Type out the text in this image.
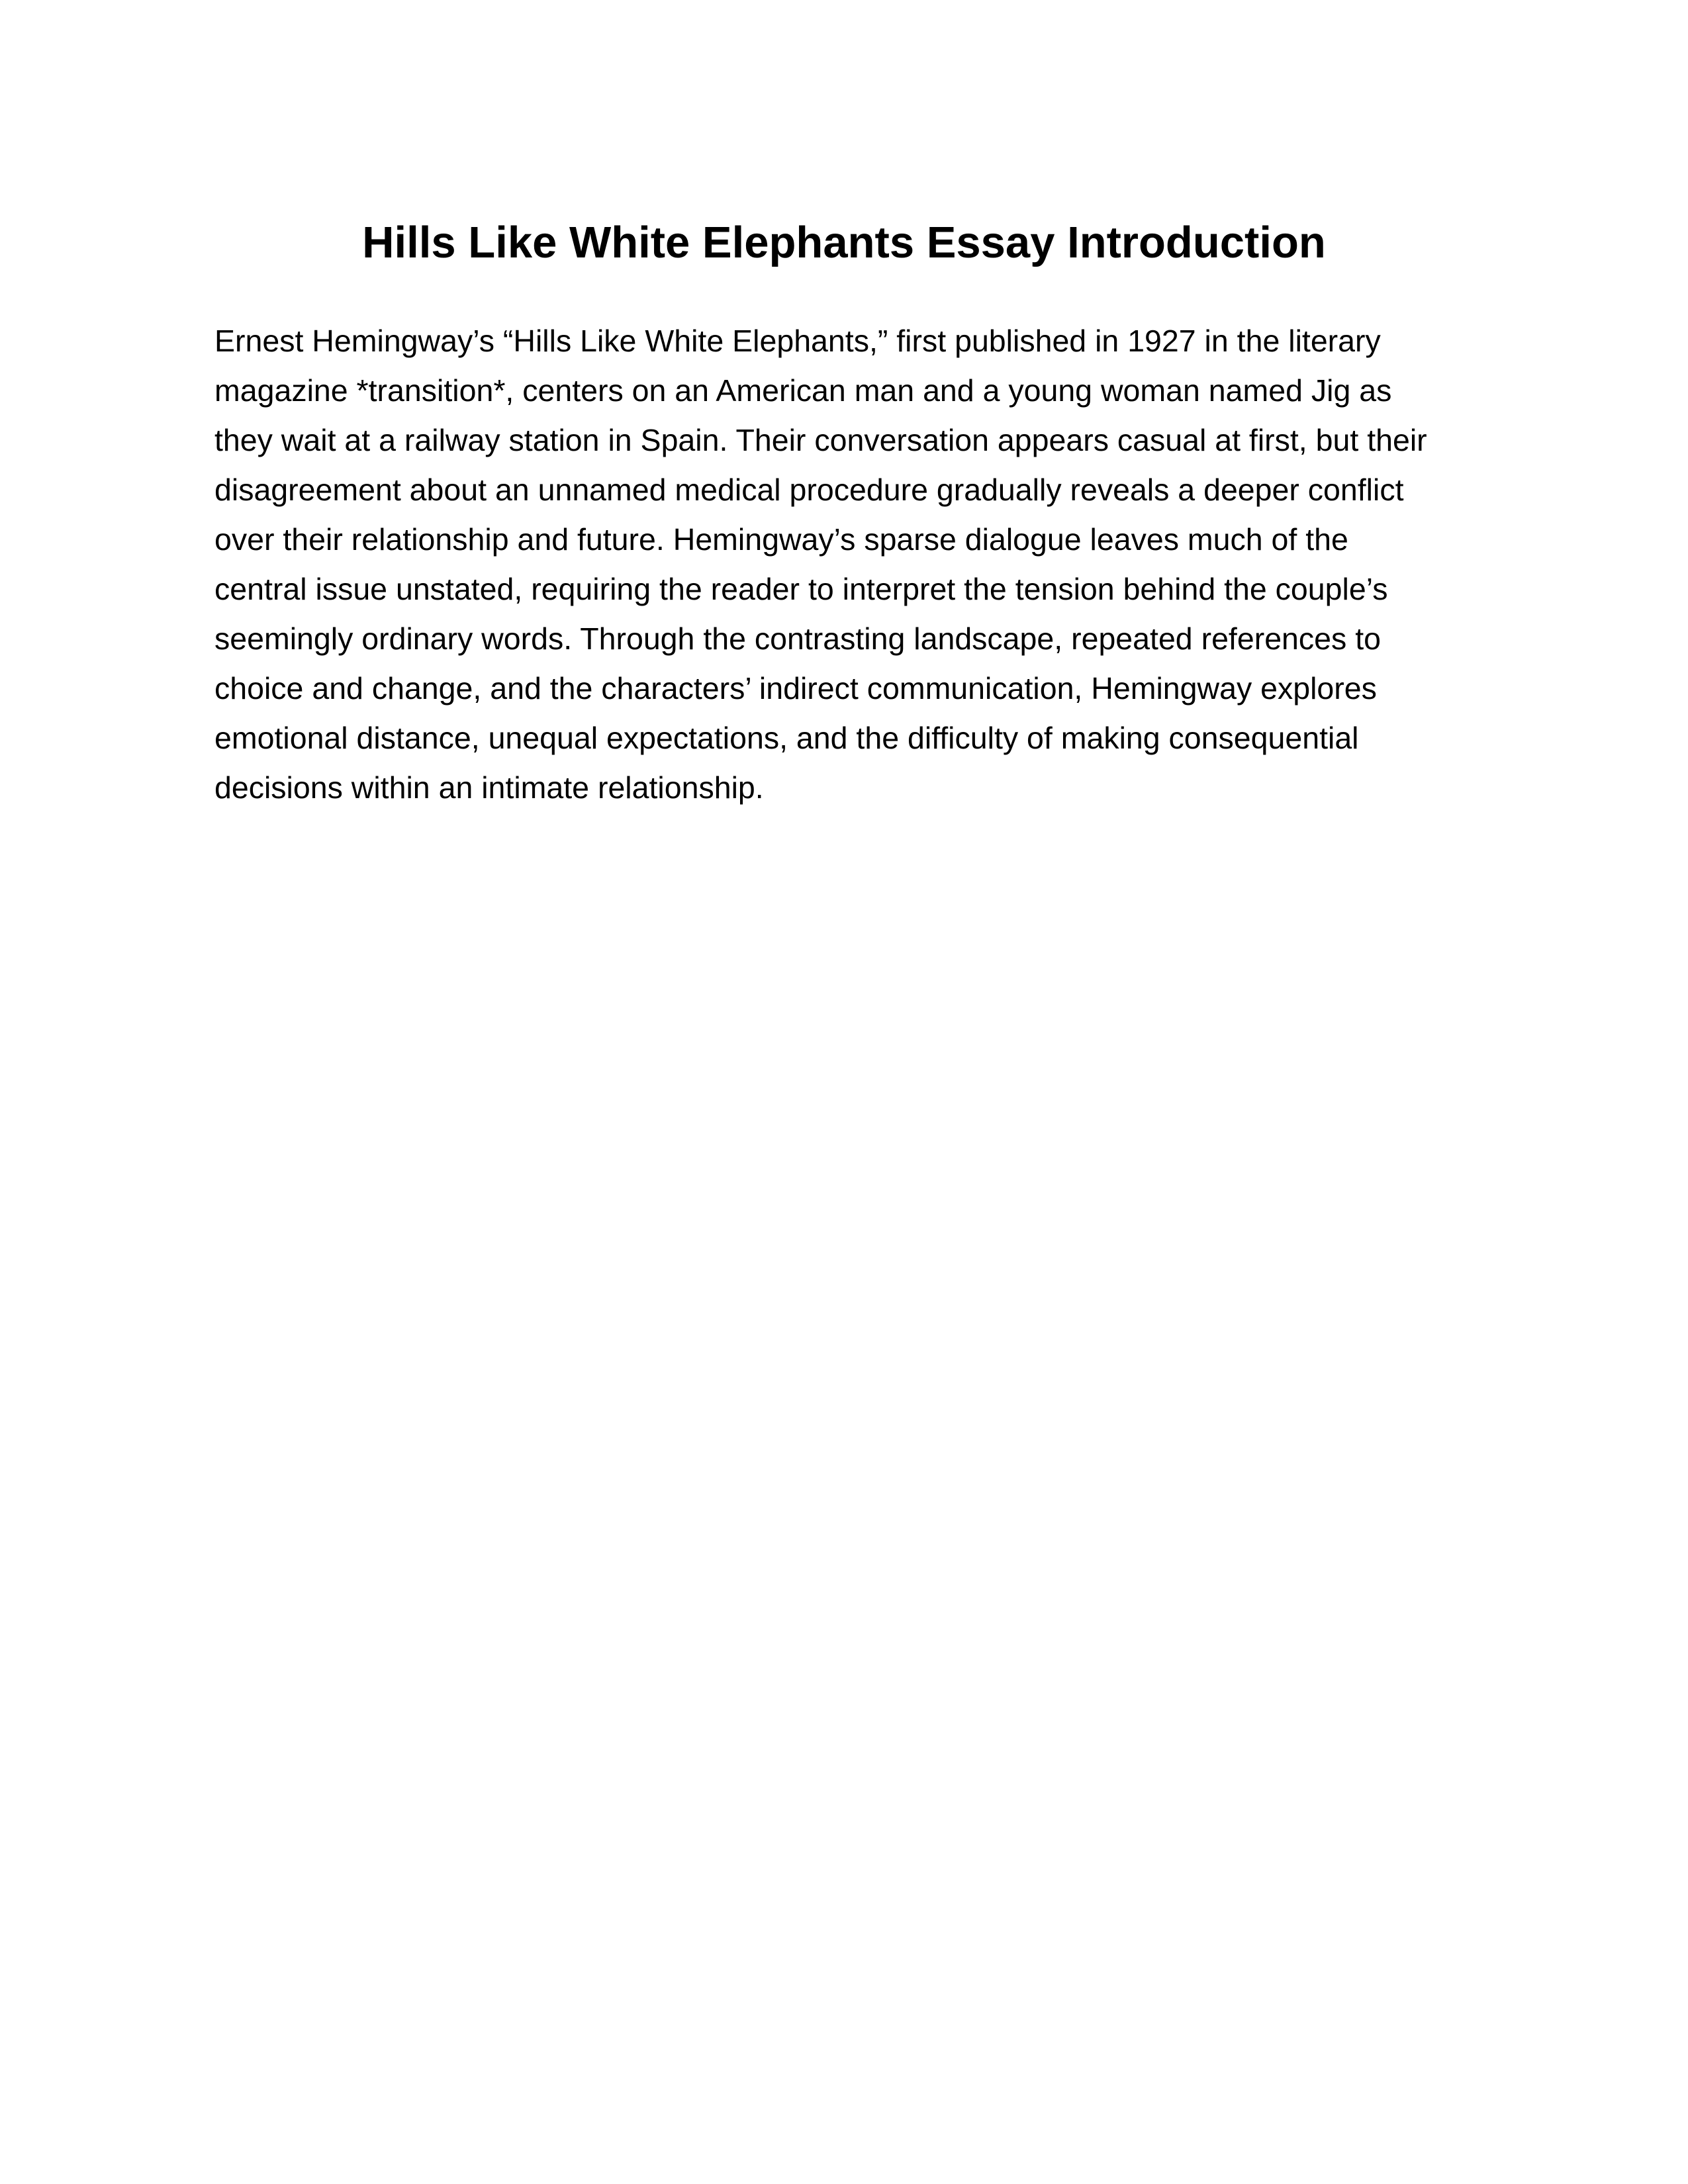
Hills Like White Elephants Essay Introduction

Ernest Hemingway’s “Hills Like White Elephants,” first published in 1927 in the literary
magazine *transition*, centers on an American man and a young woman named Jig as
they wait at a railway station in Spain. Their conversation appears casual at first, but their
disagreement about an unnamed medical procedure gradually reveals a deeper conflict
over their relationship and future. Hemingway’s sparse dialogue leaves much of the
central issue unstated, requiring the reader to interpret the tension behind the couple’s
seemingly ordinary words. Through the contrasting landscape, repeated references to
choice and change, and the characters’ indirect communication, Hemingway explores
emotional distance, unequal expectations, and the difficulty of making consequential
decisions within an intimate relationship.
